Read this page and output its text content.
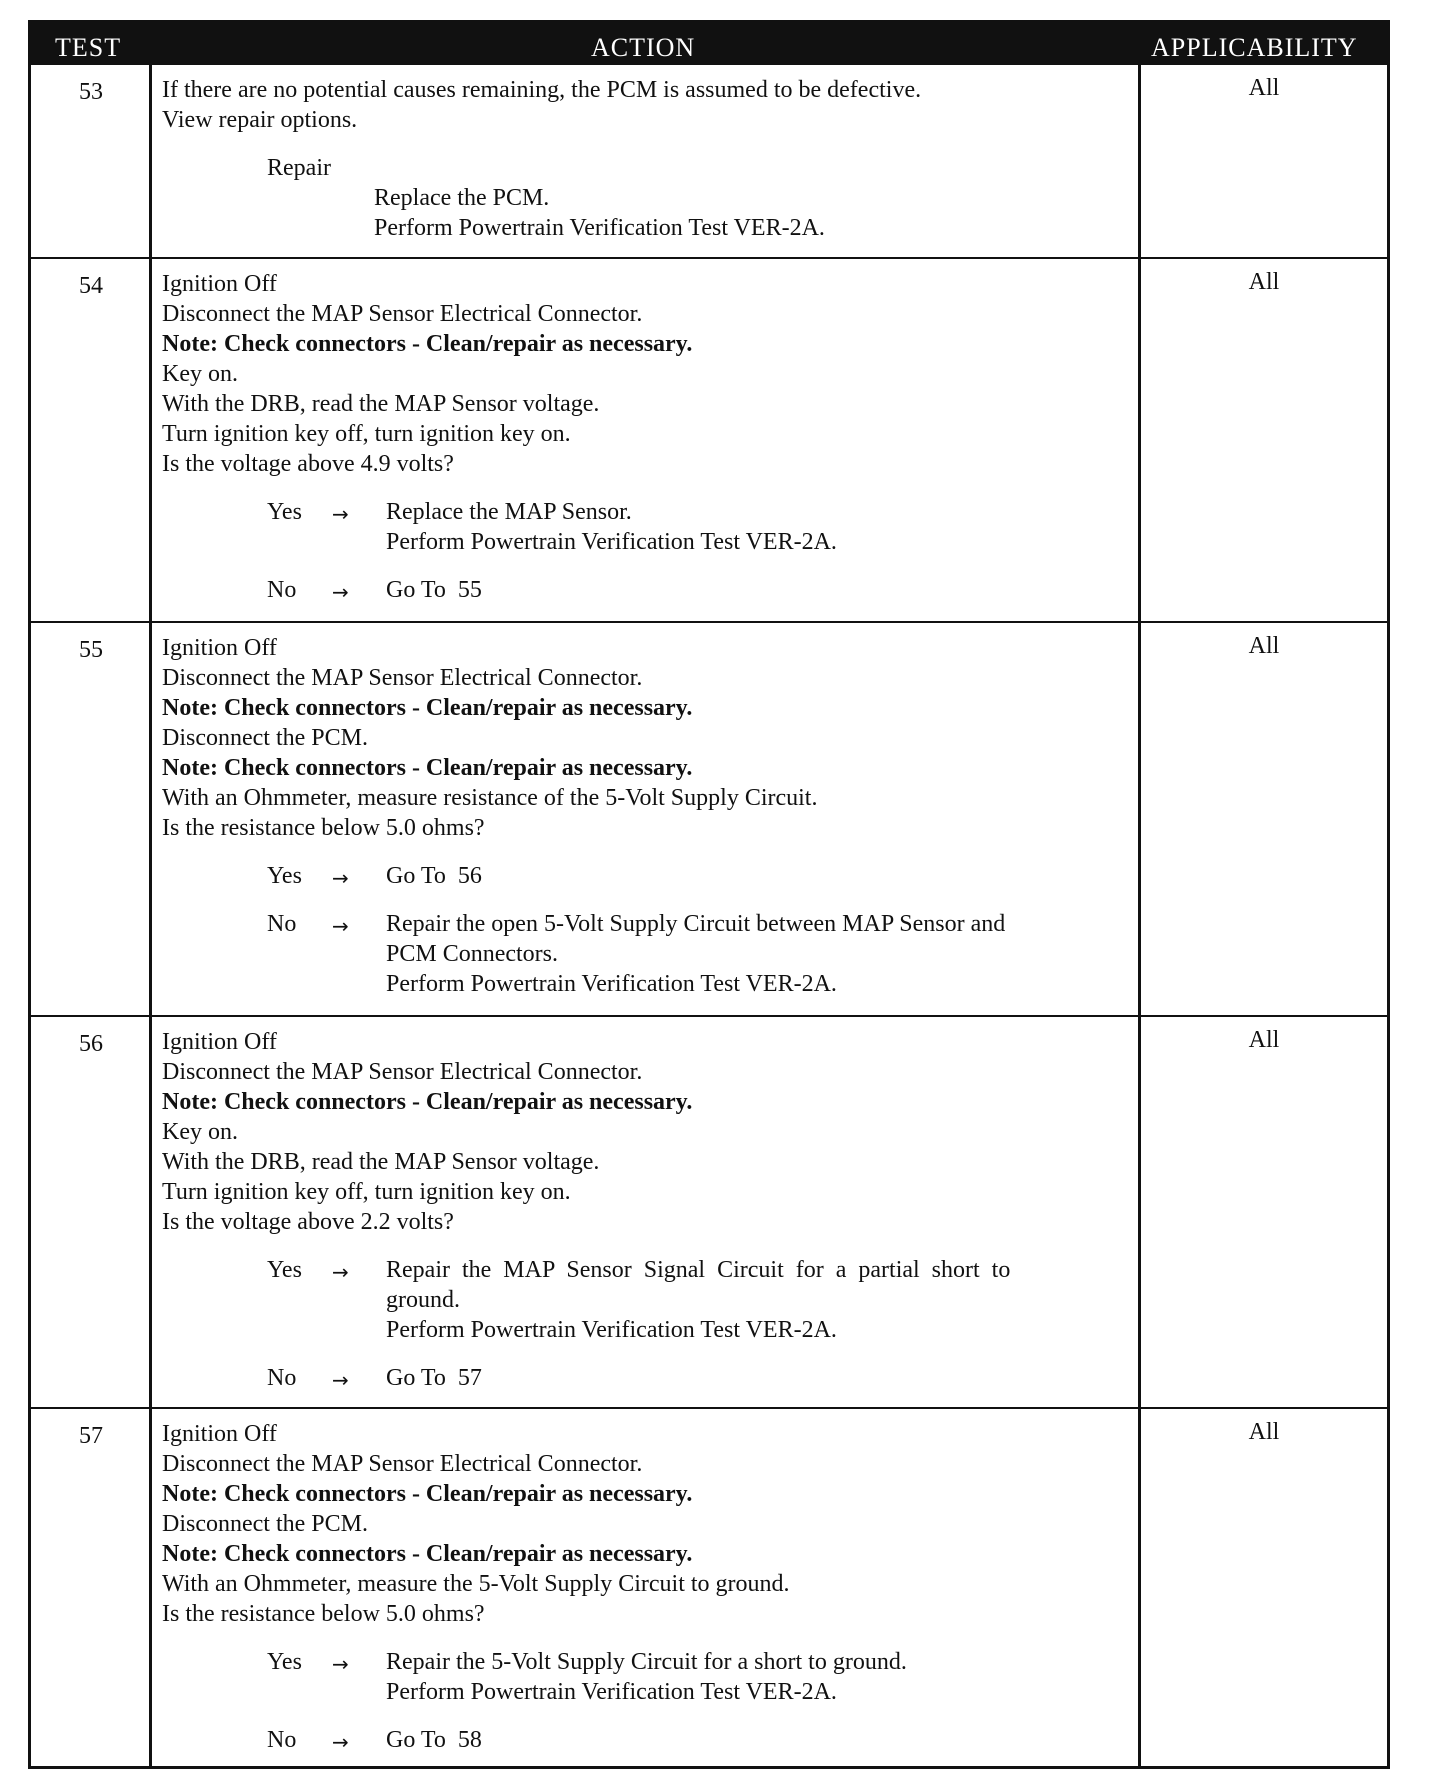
TEST	ACTION	APPLICABILITY
53	If there are no potential causes remaining, the PCM is assumed to be defective.
View repair options.
Repair
Replace the PCM.
Perform Powertrain Verification Test VER-2A.
All
54	Ignition Off
Disconnect the MAP Sensor Electrical Connector.
Note: Check connectors - Clean/repair as necessary.
Key on.
With the DRB, read the MAP Sensor voltage.
Turn ignition key off, turn ignition key on.
Is the voltage above 4.9 volts?
Yes → Replace the MAP Sensor.
Perform Powertrain Verification Test VER-2A.
No → Go To  55
All
55	Ignition Off
Disconnect the MAP Sensor Electrical Connector.
Note: Check connectors - Clean/repair as necessary.
Disconnect the PCM.
Note: Check connectors - Clean/repair as necessary.
With an Ohmmeter, measure resistance of the 5-Volt Supply Circuit.
Is the resistance below 5.0 ohms?
Yes → Go To  56
No → Repair the open 5-Volt Supply Circuit between MAP Sensor and
PCM Connectors.
Perform Powertrain Verification Test VER-2A.
All
56	Ignition Off
Disconnect the MAP Sensor Electrical Connector.
Note: Check connectors - Clean/repair as necessary.
Key on.
With the DRB, read the MAP Sensor voltage.
Turn ignition key off, turn ignition key on.
Is the voltage above 2.2 volts?
Yes → Repair the MAP Sensor Signal Circuit for a partial short to
ground.
Perform Powertrain Verification Test VER-2A.
No → Go To  57
All
57	Ignition Off
Disconnect the MAP Sensor Electrical Connector.
Note: Check connectors - Clean/repair as necessary.
Disconnect the PCM.
Note: Check connectors - Clean/repair as necessary.
With an Ohmmeter, measure the 5-Volt Supply Circuit to ground.
Is the resistance below 5.0 ohms?
Yes → Repair the 5-Volt Supply Circuit for a short to ground.
Perform Powertrain Verification Test VER-2A.
No → Go To  58
All
